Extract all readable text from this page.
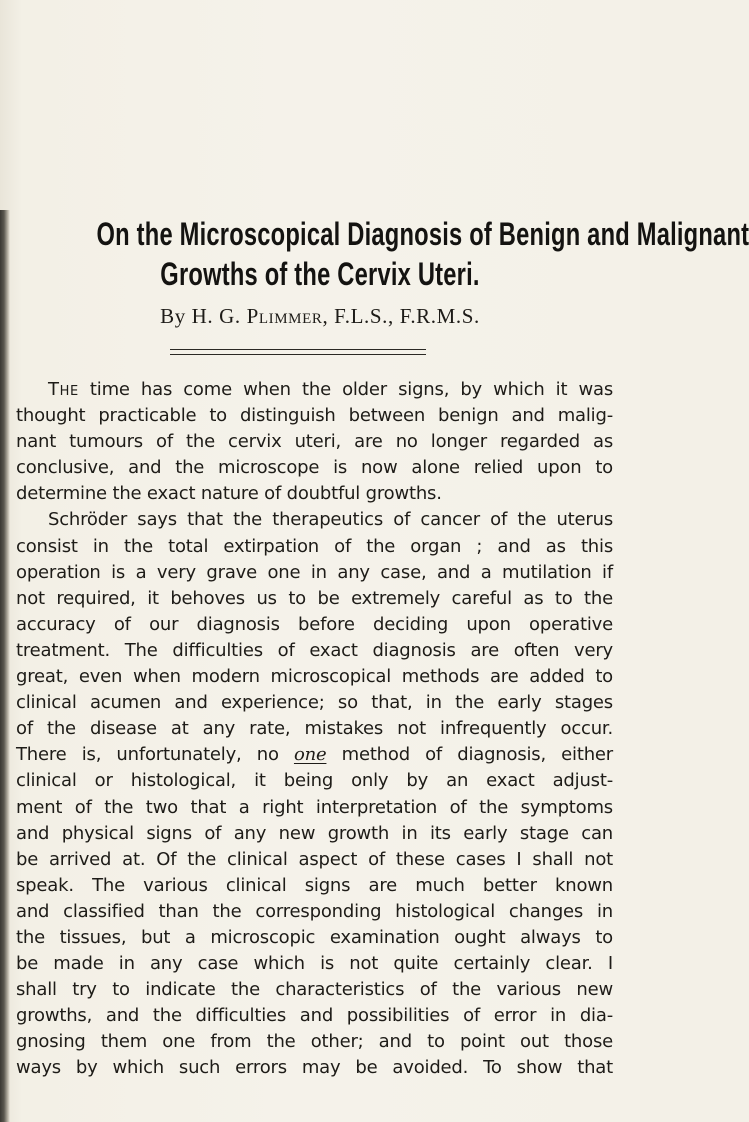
On the Microscopical Diagnosis of Benign and Malignant
Growths of the Cervix Uteri.
By H. G. Plimmer, F.L.S., F.R.M.S.
The time has come when the older signs, by which it was
thought practicable to distinguish between benign and malig-
nant tumours of the cervix uteri, are no longer regarded as
conclusive, and the microscope is now alone relied upon to
determine the exact nature of doubtful growths.
Schröder says that the therapeutics of cancer of the uterus
consist in the total extirpation of the organ ; and as this
operation is a very grave one in any case, and a mutilation if
not required, it behoves us to be extremely careful as to the
accuracy of our diagnosis before deciding upon operative
treatment. The difficulties of exact diagnosis are often very
great, even when modern microscopical methods are added to
clinical acumen and experience; so that, in the early stages
of the disease at any rate, mistakes not infrequently occur.
There is, unfortunately, no one method of diagnosis, either
clinical or histological, it being only by an exact adjust-
ment of the two that a right interpretation of the symptoms
and physical signs of any new growth in its early stage can
be arrived at. Of the clinical aspect of these cases I shall not
speak. The various clinical signs are much better known
and classified than the corresponding histological changes in
the tissues, but a microscopic examination ought always to
be made in any case which is not quite certainly clear. I
shall try to indicate the characteristics of the various new
growths, and the difficulties and possibilities of error in dia-
gnosing them one from the other; and to point out those
ways by which such errors may be avoided. To show that
